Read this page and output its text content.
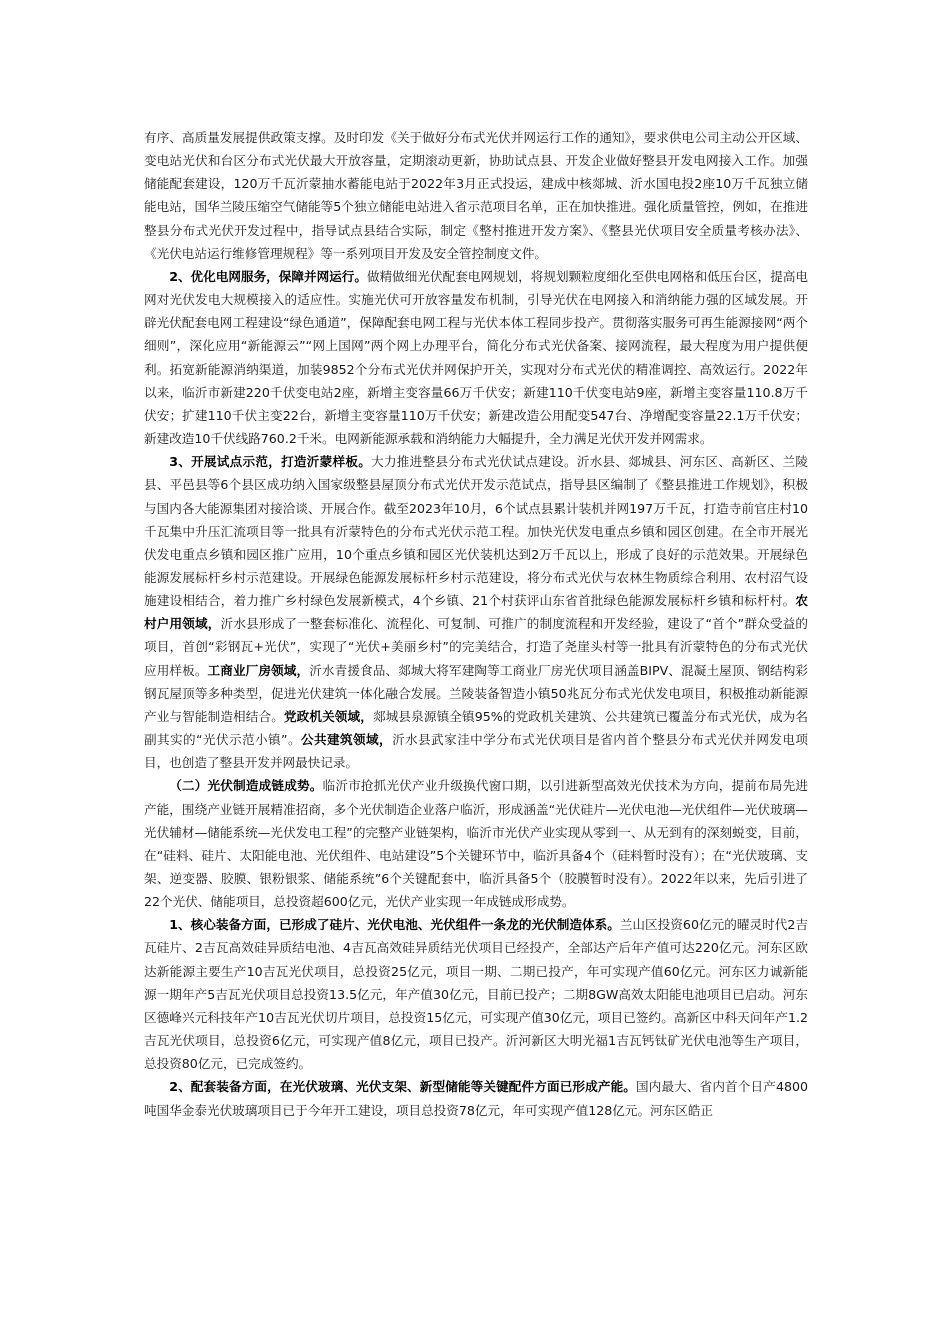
有序、高质量发展提供政策支撑。及时印发《关于做好分布式光伏并网运行工作的通知》，要求供电公司主动公开区域、变电站光伏和台区分布式光伏最大开放容量，定期滚动更新，协助试点县、开发企业做好整县开发电网接入工作。加强储能配套建设，120万千瓦沂蒙抽水蓄能电站于2022年3月正式投运，建成中核郯城、沂水国电投2座10万千瓦独立储能电站，国华兰陵压缩空气储能等5个独立储能电站进入省示范项目名单，正在加快推进。强化质量管控，例如，在推进整县分布式光伏开发过程中，指导试点县结合实际，制定《整村推进开发方案》、《整县光伏项目安全质量考核办法》、《光伏电站运行维修管理规程》等一系列项目开发及安全管控制度文件。

2、优化电网服务，保障并网运行。做精做细光伏配套电网规划，将规划颗粒度细化至供电网格和低压台区，提高电网对光伏发电大规模接入的适应性。实施光伏可开放容量发布机制，引导光伏在电网接入和消纳能力强的区域发展。开辟光伏配套电网工程建设“绿色通道”，保障配套电网工程与光伏本体工程同步投产。贯彻落实服务可再生能源接网“两个细则”，深化应用“新能源云”“网上国网”两个网上办理平台，简化分布式光伏备案、接网流程，最大程度为用户提供便利。拓宽新能源消纳渠道，加装9852个分布式光伏并网保护开关，实现对分布式光伏的精准调控、高效运行。2022年以来，临沂市新建220千伏变电站2座，新增主变容量66万千伏安；新建110千伏变电站9座，新增主变容量110.8万千伏安；扩建110千伏主变22台，新增主变容量110万千伏安；新建改造公用配变547台、净增配变容量22.1万千伏安；新建改造10千伏线路760.2千米。电网新能源承载和消纳能力大幅提升，全力满足光伏开发并网需求。

3、开展试点示范，打造沂蒙样板。大力推进整县分布式光伏试点建设。沂水县、郯城县、河东区、高新区、兰陵县、平邑县等6个县区成功纳入国家级整县屋顶分布式光伏开发示范试点，指导县区编制了《整县推进工作规划》，积极与国内各大能源集团对接洽谈、开展合作。截至2023年10月，6个试点县累计装机并网197万千瓦，打造寺前官庄村10千瓦集中升压汇流项目等一批具有沂蒙特色的分布式光伏示范工程。加快光伏发电重点乡镇和园区创建。在全市开展光伏发电重点乡镇和园区推广应用，10个重点乡镇和园区光伏装机达到2万千瓦以上，形成了良好的示范效果。开展绿色能源发展标杆乡村示范建设。开展绿色能源发展标杆乡村示范建设，将分布式光伏与农林生物质综合利用、农村沼气设施建设相结合，着力推广乡村绿色发展新模式，4个乡镇、21个村获评山东省首批绿色能源发展标杆乡镇和标杆村。农村户用领域，沂水县形成了一整套标准化、流程化、可复制、可推广的制度流程和开发经验，建设了“首个”群众受益的项目，首创“彩钢瓦+光伏”，实现了“光伏+美丽乡村”的完美结合，打造了尧崖头村等一批具有沂蒙特色的分布式光伏应用样板。工商业厂房领域，沂水青援食品、郯城大将军建陶等工商业厂房光伏项目涵盖BIPV、混凝土屋顶、钢结构彩钢瓦屋顶等多种类型，促进光伏建筑一体化融合发展。兰陵装备智造小镇50兆瓦分布式光伏发电项目，积极推动新能源产业与智能制造相结合。党政机关领域，郯城县泉源镇全镇95%的党政机关建筑、公共建筑已覆盖分布式光伏，成为名副其实的“光伏示范小镇”。公共建筑领域，沂水县武家洼中学分布式光伏项目是省内首个整县分布式光伏并网发电项目，也创造了整县开发并网最快记录。

（二）光伏制造成链成势。临沂市抢抓光伏产业升级换代窗口期，以引进新型高效光伏技术为方向，提前布局先进产能，围绕产业链开展精准招商，多个光伏制造企业落户临沂，形成涵盖“光伏硅片—光伏电池—光伏组件—光伏玻璃—光伏辅材—储能系统—光伏发电工程”的完整产业链架构，临沂市光伏产业实现从零到一、从无到有的深刻蜕变，目前，在“硅料、硅片、太阳能电池、光伏组件、电站建设”5个关键环节中，临沂具备4个（硅料暂时没有）；在“光伏玻璃、支架、逆变器、胶膜、银粉银浆、储能系统”6个关键配套中，临沂具备5个（胶膜暂时没有）。2022年以来，先后引进了22个光伏、储能项目，总投资超600亿元，光伏产业实现一年成链成形成势。

1、核心装备方面，已形成了硅片、光伏电池、光伏组件一条龙的光伏制造体系。兰山区投资60亿元的曜灵时代2吉瓦硅片、2吉瓦高效硅异质结电池、4吉瓦高效硅异质结光伏项目已经投产，全部达产后年产值可达220亿元。河东区欧达新能源主要生产10吉瓦光伏项目，总投资25亿元，项目一期、二期已投产，年可实现产值60亿元。河东区力诚新能源一期年产5吉瓦光伏项目总投资13.5亿元，年产值30亿元，目前已投产；二期8GW高效太阳能电池项目已启动。河东区德峰兴元科技年产10吉瓦光伏切片项目，总投资15亿元，可实现产值30亿元，项目已签约。高新区中科天问年产1.2吉瓦光伏项目，总投资6亿元，可实现产值8亿元，项目已投产。沂河新区大明光福1吉瓦钙钛矿光伏电池等生产项目，总投资80亿元，已完成签约。

2、配套装备方面，在光伏玻璃、光伏支架、新型储能等关键配件方面已形成产能。国内最大、省内首个日产4800吨国华金泰光伏玻璃项目已于今年开工建设，项目总投资78亿元，年可实现产值128亿元。河东区皓正
